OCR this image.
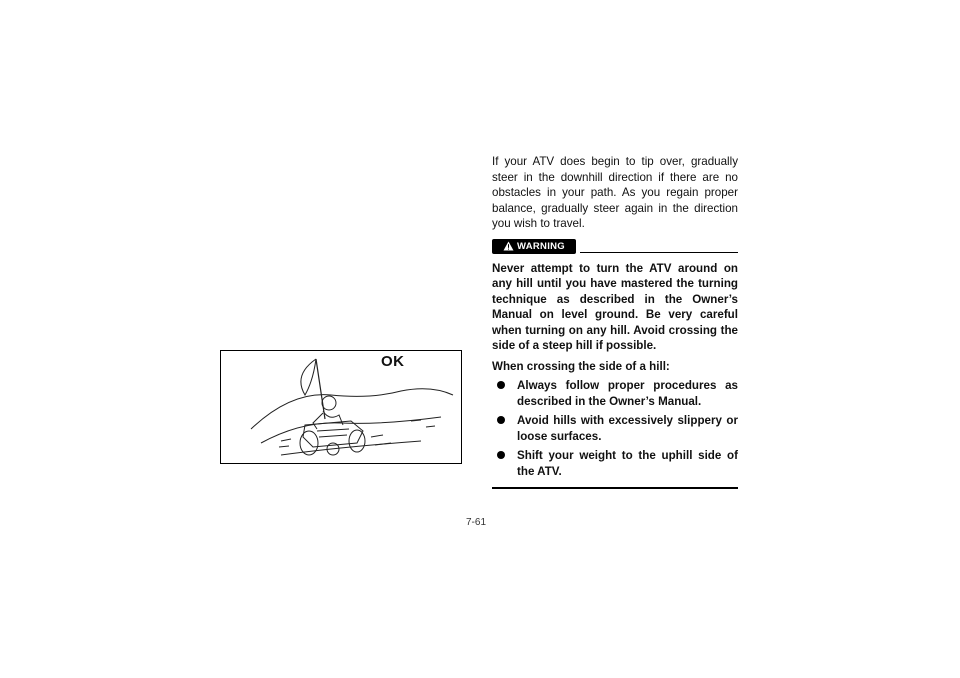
OK

If your ATV does begin to tip over, gradually steer in the downhill direction if there are no obstacles in your path. As you regain proper balance, gradually steer again in the direction you wish to travel.

WARNING

Never attempt to turn the ATV around on any hill until you have mastered the turning technique as described in the Owner’s Manual on level ground. Be very careful when turning on any hill. Avoid crossing the side of a steep hill if possible.

When crossing the side of a hill:

Always follow proper procedures as described in the Owner’s Manual.
Avoid hills with excessively slippery or loose surfaces.
Shift your weight to the uphill side of the ATV.
7-61
